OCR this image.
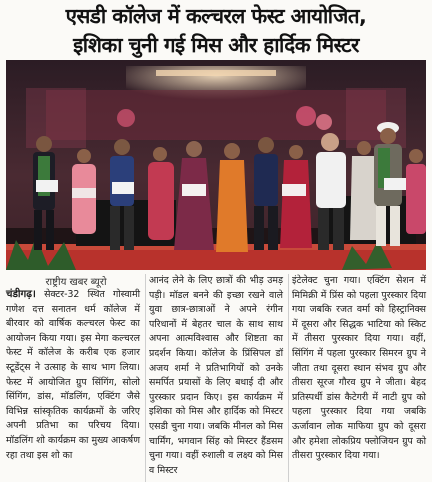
एसडी कॉलेज में कल्चरल फेस्ट आयोजित,
इशिका चुनी गई मिस और हार्दिक मिस्टर
राष्ट्रीय खबर ब्यूरो
चंडीगढ़। सेक्टर-32 स्थित गोस्वामी गणेश दत्त सनातन धर्म कॉलेज में बीरवार को वार्षिक कल्चरल फेस्ट का आयोजन किया गया। इस मेगा कल्चरल फेस्ट में कॉलेज के करीब एक हजार स्टूडेंट्स ने उत्साह के साथ भाग लिया। फेस्ट में आयोजित ग्रुप सिंगिंग, सोलो सिंगिंग, डांस, मॉडलिंग, एक्टिंग जैसे विभिन्न सांस्कृतिक कार्यक्रमों के जरिए अपनी प्रतिभा का परिचय दिया। मॉडलिंग शो कार्यक्रम का मुख्य आकर्षण रहा तथा इस शो का
आनंद लेने के लिए छात्रों की भीड़ उमड़ पड़ी। मॉडल बनने की इच्छा रखने वाले युवा छात्र-छात्राओं ने अपने रंगीन परिधानों में बेहतर चाल के साथ साथ अपना आत्मविश्वास और शिष्टता का प्रदर्शन किया। कॉलेज के प्रिंसिपल डॉ अजय शर्मा ने प्रतिभागियों को उनके समर्पित प्रयासों के लिए बधाई दी और पुरस्कार प्रदान किए। इस कार्यक्रम में इशिका को मिस और हार्दिक को मिस्टर एसडी चुना गया। जबकि मीनल को मिस चार्मिंग, भगवान सिंह को मिस्टर हैंडसम चुना गया। वहीं रुशाली व लक्ष्य को मिस व मिस्टर
इंटेलेक्ट चुना गया। एक्टिंग सेशन में मिमिक्री में प्रिंस को पहला पुरस्कार दिया गया जबकि रजत वर्मा को हिस्ट्रानिक्स में दूसरा और सिद्धक भाटिया को स्किट में तीसरा पुरस्कार दिया गया। वहीं, सिंगिंग में पहला पुरस्कार सिमरन ग्रुप ने जीता तथा दूसरा स्थान संभव ग्रुप और तीसरा सूरज गौरव ग्रुप ने जीता। बेहद प्रतिस्पर्धी डांस कैटेगरी में नाटी ग्रुप को पहला पुरस्कार दिया गया जबकि ऊर्जावान लोक माफिया ग्रुप को दूसरा और हमेशा लोकप्रिय फ्लोजियन ग्रुप को तीसरा पुरस्कार दिया गया।
